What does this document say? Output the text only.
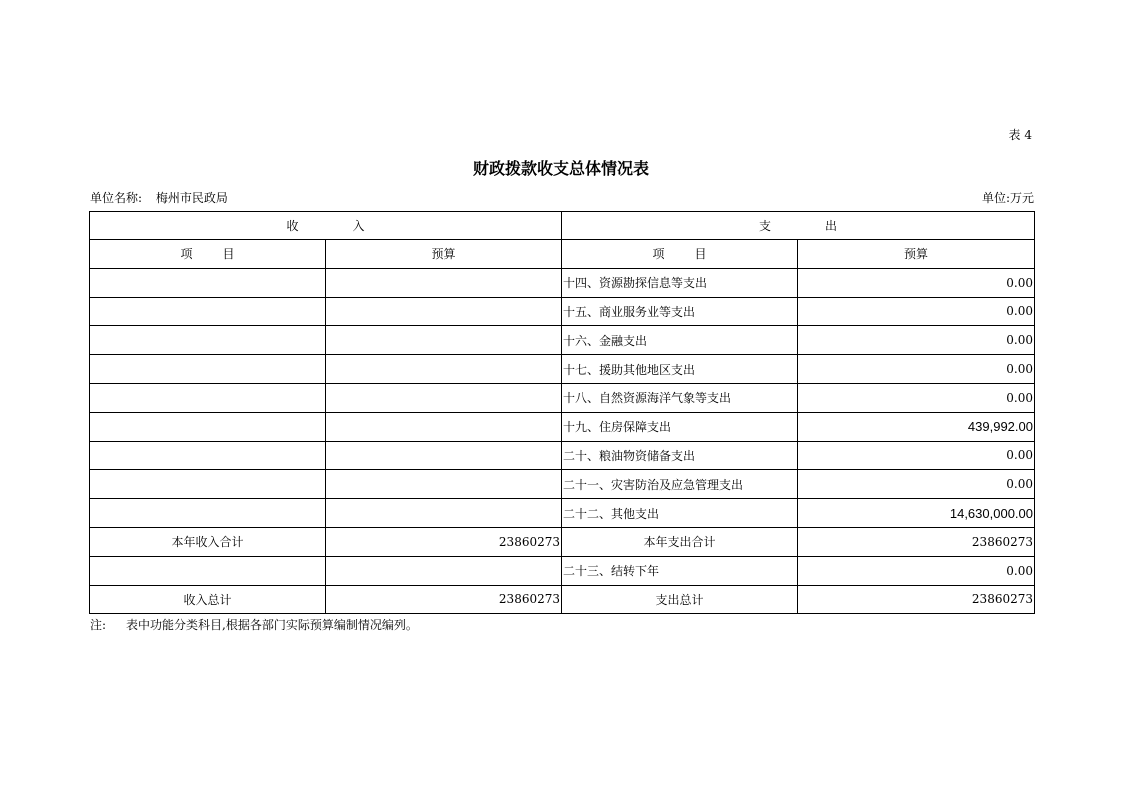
表 4
财政拨款收支总体情况表
单位名称: 梅州市民政局	单位:万元
收 入		支 出	
项 目	预算	项 目	预算
		十四、资源勘探信息等支出	0.00
		十五、商业服务业等支出	0.00
		十六、金融支出	0.00
		十七、援助其他地区支出	0.00
		十八、自然资源海洋气象等支出	0.00
		十九、住房保障支出	439,992.00
		二十、粮油物资储备支出	0.00
		二十一、灾害防治及应急管理支出	0.00
		二十二、其他支出	14,630,000.00
本年收入合计	23860273	本年支出合计	23860273
		二十三、结转下年	0.00
收入总计	23860273	支出总计	23860273
注: 表中功能分类科目,根据各部门实际预算编制情况编列。
